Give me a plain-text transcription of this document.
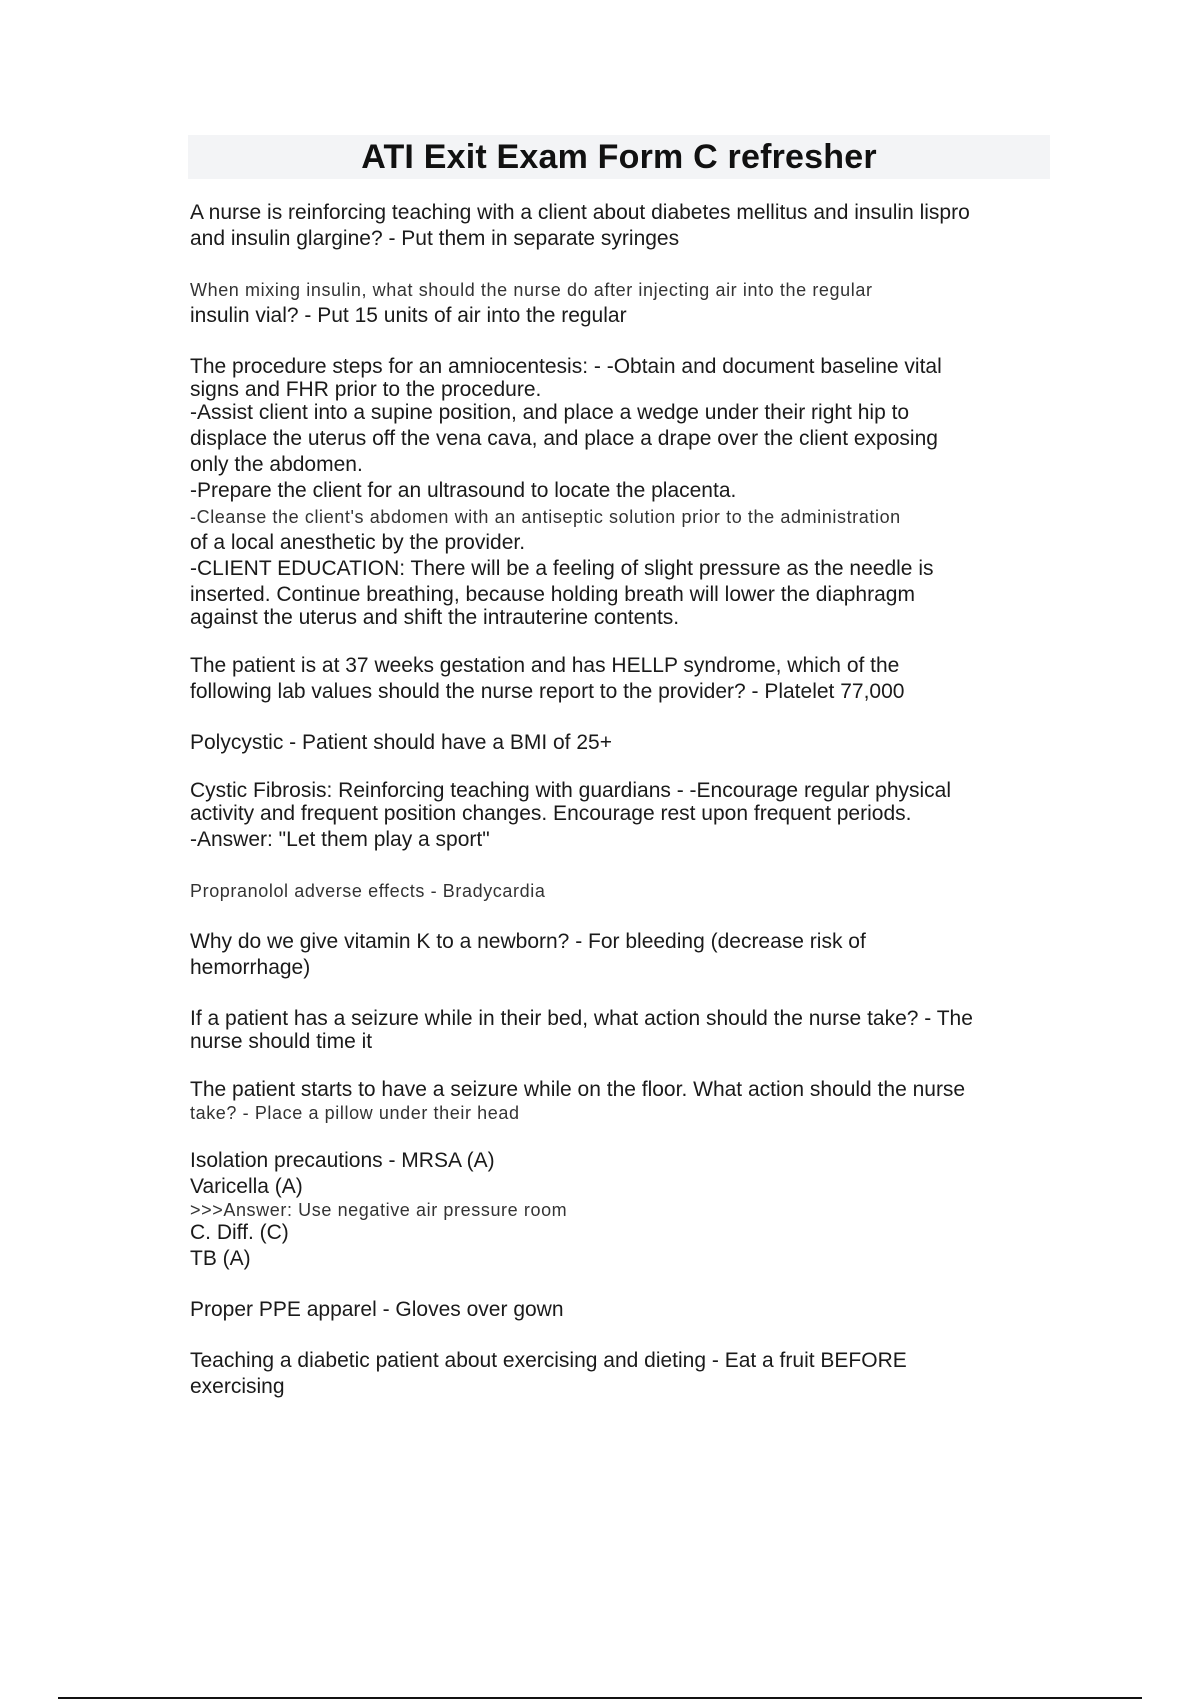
ATI Exit Exam Form C refresher
A nurse is reinforcing teaching with a client about diabetes mellitus and insulin lispro
and insulin glargine? - Put them in separate syringes
When mixing insulin, what should the nurse do after injecting air into the regular
insulin vial? - Put 15 units of air into the regular
The procedure steps for an amniocentesis: - -Obtain and document baseline vital
signs and FHR prior to the procedure.
-Assist client into a supine position, and place a wedge under their right hip to
displace the uterus off the vena cava, and place a drape over the client exposing
only the abdomen.
-Prepare the client for an ultrasound to locate the placenta.
-Cleanse the client's abdomen with an antiseptic solution prior to the administration
of a local anesthetic by the provider.
-CLIENT EDUCATION: There will be a feeling of slight pressure as the needle is
inserted. Continue breathing, because holding breath will lower the diaphragm
against the uterus and shift the intrauterine contents.
The patient is at 37 weeks gestation and has HELLP syndrome, which of the
following lab values should the nurse report to the provider? - Platelet 77,000
Polycystic - Patient should have a BMI of 25+
Cystic Fibrosis: Reinforcing teaching with guardians - -Encourage regular physical
activity and frequent position changes. Encourage rest upon frequent periods.
-Answer: "Let them play a sport"
Propranolol adverse effects - Bradycardia
Why do we give vitamin K to a newborn? - For bleeding (decrease risk of
hemorrhage)
If a patient has a seizure while in their bed, what action should the nurse take? - The
nurse should time it
The patient starts to have a seizure while on the floor. What action should the nurse
take? - Place a pillow under their head
Isolation precautions - MRSA (A)
Varicella (A)
>>>Answer: Use negative air pressure room
C. Diff. (C)
TB (A)
Proper PPE apparel - Gloves over gown
Teaching a diabetic patient about exercising and dieting - Eat a fruit BEFORE
exercising
